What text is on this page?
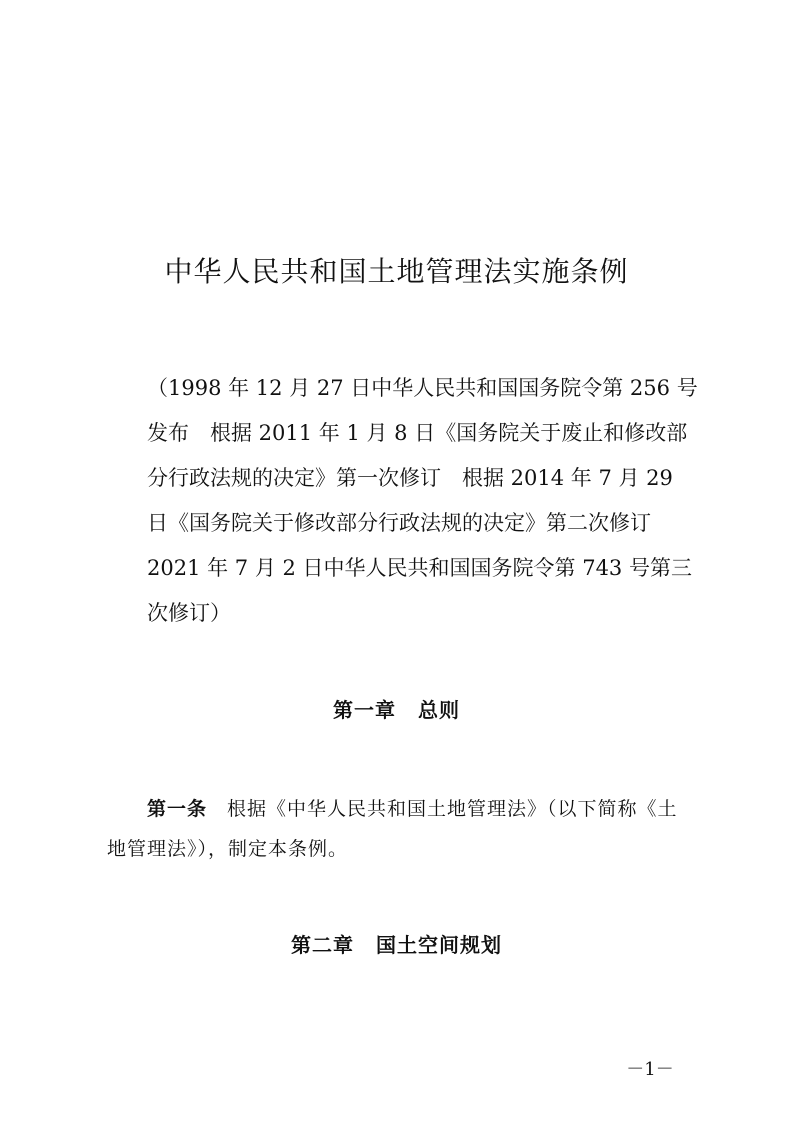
中华人民共和国土地管理法实施条例
（1998 年 12 月 27 日中华人民共和国国务院令第 256 号
发布　根据 2011 年 1 月 8 日《国务院关于废止和修改部
分行政法规的决定》第一次修订　根据 2014 年 7 月 29
日《国务院关于修改部分行政法规的决定》第二次修订
2021 年 7 月 2 日中华人民共和国国务院令第 743 号第三
次修订）
第一章 总则
第一条 根据《中华人民共和国土地管理法》（以下简称《土
地管理法》），制定本条例。
第二章 国土空间规划
－1－
